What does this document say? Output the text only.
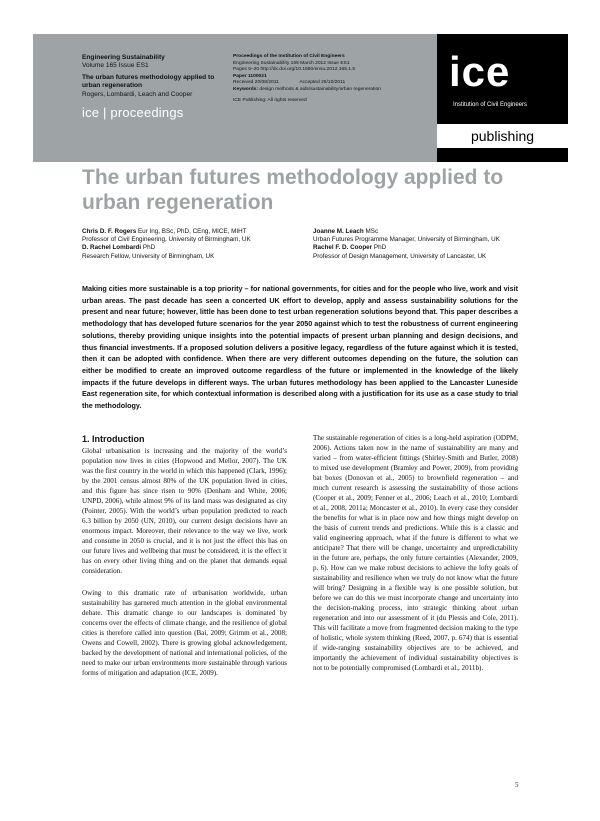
Engineering Sustainability
Volume 165 Issue ES1
The urban futures methodology applied to urban regeneration
Rogers, Lombardi, Leach and Cooper
ice | proceedings
Proceedings of the Institution of Civil Engineers
Engineering Sustainability 165 March 2012 Issue ES1
Pages 5–20 http://dx.doi.org/10.1680/ensu.2012.165.1.5
Paper 1100021
Received 20/08/2011	Accepted 25/10/2011
Keywords: design methods & aids/sustainability/urban regeneration
ICE Publishing: All rights reserved
ice
Institution of Civil Engineers
publishing
The urban futures methodology applied to urban regeneration
Chris D. F. Rogers Eur Ing, BSc, PhD, CEng, MICE, MIHT
Professor of Civil Engineering, University of Birmingham, UK
D. Rachel Lombardi PhD
Research Fellow, University of Birmingham, UK
Joanne M. Leach MSc
Urban Futures Programme Manager, University of Birmingham, UK
Rachel F. D. Cooper PhD
Professor of Design Management, University of Lancaster, UK
Making cities more sustainable is a top priority – for national governments, for cities and for the people who live, work and visit urban areas. The past decade has seen a concerted UK effort to develop, apply and assess sustainability solutions for the present and near future; however, little has been done to test urban regeneration solutions beyond that. This paper describes a methodology that has developed future scenarios for the year 2050 against which to test the robustness of current engineering solutions, thereby providing unique insights into the potential impacts of present urban planning and design decisions, and thus financial investments. If a proposed solution delivers a positive legacy, regardless of the future against which it is tested, then it can be adopted with confidence. When there are very different outcomes depending on the future, the solution can either be modified to create an improved outcome regardless of the future or implemented in the knowledge of the likely impacts if the future develops in different ways. The urban futures methodology has been applied to the Lancaster Luneside East regeneration site, for which contextual information is described along with a justification for its use as a case study to trial the methodology.
1. Introduction

Global urbanisation is increasing and the majority of the world’s population now lives in cities (Hopwood and Mellor, 2007). The UK was the first country in the world in which this happened (Clark, 1996); by the 2001 census almost 80% of the UK population lived in cities, and this figure has since risen to 90% (Denham and White, 2006; UNPD, 2006), while almost 9% of its land mass was designated as city (Pointer, 2005). With the world’s urban population predicted to reach 6.3 billion by 2050 (UN, 2010), our current design decisions have an enormous impact. Moreover, their relevance to the way we live, work and consume in 2050 is crucial, and it is not just the effect this has on our future lives and wellbeing that must be considered, it is the effect it has on every other living thing and on the planet that demands equal consideration.

Owing to this dramatic rate of urbanisation worldwide, urban sustainability has garnered much attention in the global environmental debate. This dramatic change to our landscapes is dominated by concerns over the effects of climate change, and the resilience of global cities is therefore called into question (Bai, 2009; Grimm et al., 2008; Owens and Cowell, 2002). There is growing global acknowledgement, backed by the development of national and international policies, of the need to make our urban environments more sustainable through various forms of mitigation and adaptation (ICE, 2009).

The sustainable regeneration of cities is a long-held aspiration (ODPM, 2006). Actions taken now in the name of sustainability are many and varied – from water-efficient fittings (Shirley-Smith and Butler, 2008) to mixed use development (Bramley and Power, 2009), from providing bat boxes (Donovan et al., 2005) to brownfield regeneration – and much current research is assessing the sustainability of those actions (Cooper et al., 2009; Fenner et al., 2006; Leach et al., 2010; Lombardi et al., 2008, 2011a; Moncaster et al., 2010). In every case they consider the benefits for what is in place now and how things might develop on the basis of current trends and predictions. While this is a classic and valid engineering approach, what if the future is different to what we anticipate? That there will be change, uncertainty and unpredictability in the future are, perhaps, the only future certainties (Alexander, 2009, p. 6). How can we make robust decisions to achieve the lofty goals of sustainability and resilience when we truly do not know what the future will bring? Designing in a flexible way is one possible solution, but before we can do this we must incorporate change and uncertainty into the decision-making process, into strategic thinking about urban regeneration and into our assessment of it (du Plessis and Cole, 2011). This will facilitate a move from fragmented decision making to the type of holistic, whole system thinking (Reed, 2007, p. 674) that is essential if wide-ranging sustainability objectives are to be achieved, and importantly the achievement of individual sustainability objectives is not to be potentially compromised (Lombardi et al., 2011b).

5
